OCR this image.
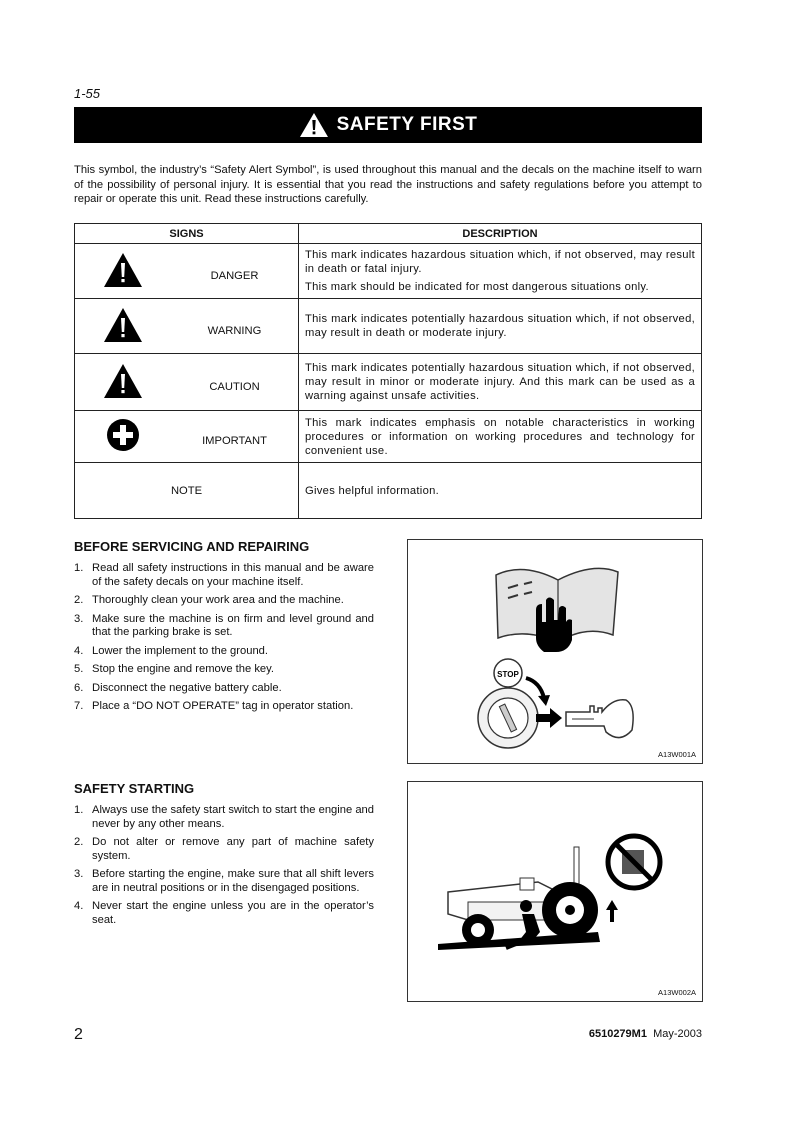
1-55
SAFETY FIRST

This symbol, the industry’s “Safety Alert Symbol”, is used throughout this manual and the decals on the machine itself to warn of the possibility of personal injury. It is essential that you read the instructions and safety regulations before you attempt to repair or operate this unit. Read these instructions carefully.

SIGNS		DESCRIPTION
	DANGER	This mark indicates hazardous situation which, if not observed, may result in death or fatal injury.
This mark should be indicated for most dangerous situations only.

	WARNING	This mark indicates potentially hazardous situation which, if not observed, may result in death or moderate injury.
	CAUTION	This mark indicates potentially hazardous situation which, if not observed, may result in minor or moderate injury. And this mark can be used as a warning against unsafe activities.
	IMPORTANT	This mark indicates emphasis on notable characteristics in working procedures or information on working procedures and technology for convenient use.
NOTE		Gives helpful information.
BEFORE SERVICING AND REPAIRING
1. Read all safety instructions in this manual and be aware of the safety decals on your machine itself.
2. Thoroughly clean your work area and the machine.
3. Make sure the machine is on firm and level ground and that the parking brake is set.
4. Lower the implement to the ground.
5. Stop the engine and remove the key.
6. Disconnect the negative battery cable.
7. Place a “DO NOT OPERATE” tag in operator station.
STOP
A13W001A
SAFETY STARTING
1. Always use the safety start switch to start the engine and never by any other means.
2. Do not alter or remove any part of machine safety system.
3. Before starting the engine, make sure that all shift levers are in neutral positions or in the disengaged positions.
4. Never start the engine unless you are in the operator’s seat.
A13W002A
2	6510279M1 May-2003
